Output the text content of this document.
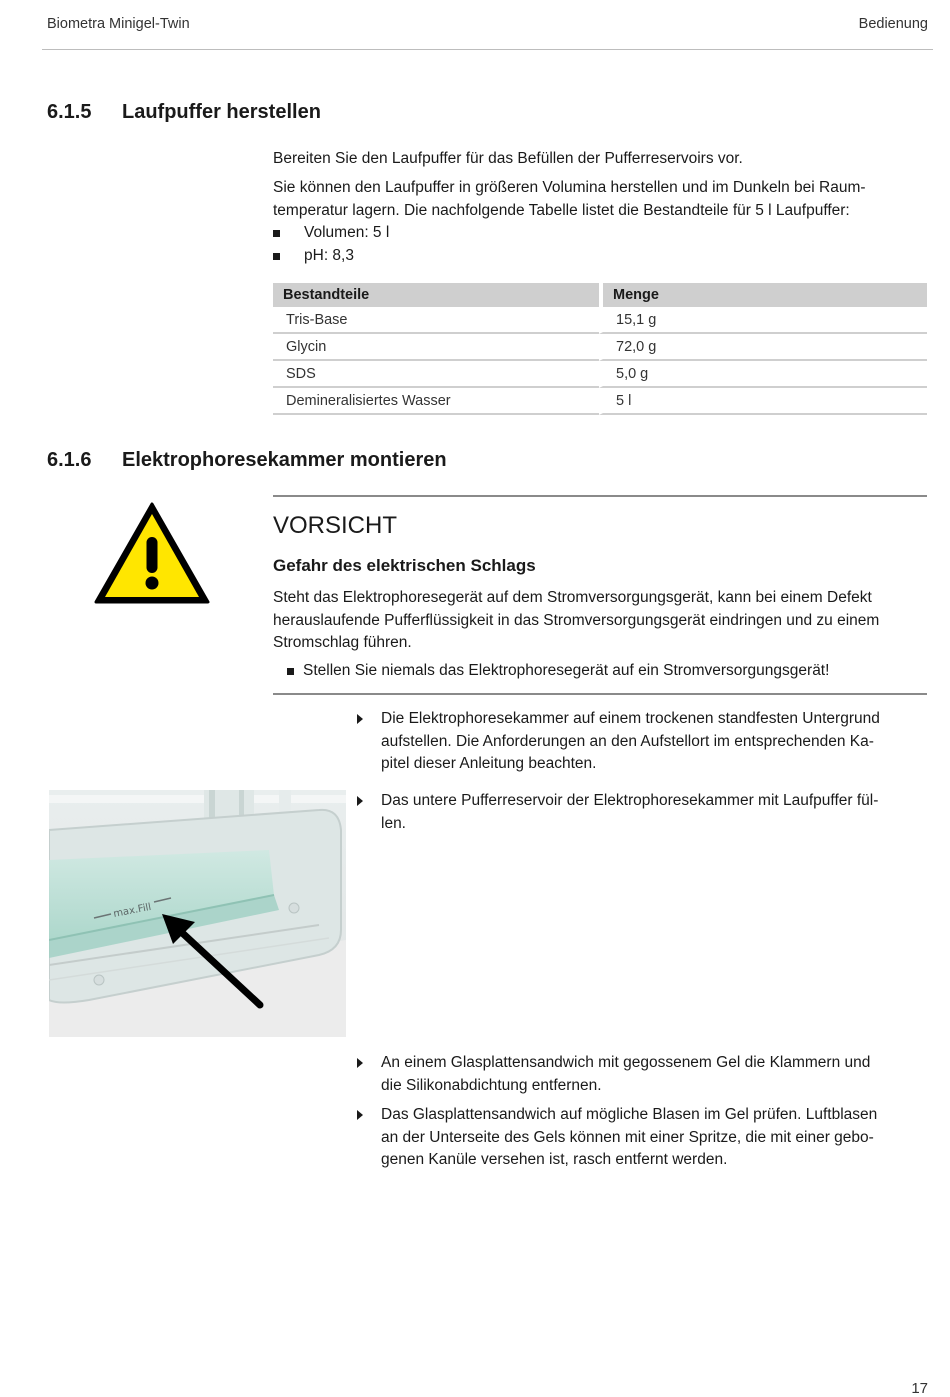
Biometra Minigel-Twin	Bedienung
6.1.5 Laufpuffer herstellen

Bereiten Sie den Laufpuffer für das Befüllen der Pufferreservoirs vor.

Sie können den Laufpuffer in größeren Volumina herstellen und im Dunkeln bei Raum-

temperatur lagern. Die nachfolgende Tabelle listet die Bestandteile für 5 l Laufpuffer:

Volumen: 5 l
pH: 8,3
Bestandteile	Menge
Tris-Base	15,1 g
Glycin	72,0 g
SDS	5,0 g
Demineralisiertes Wasser	5 l
6.1.6 Elektrophoresekammer montieren
VORSICHT
Gefahr des elektrischen Schlags
Steht das Elektrophoresegerät auf dem Stromversorgungsgerät, kann bei einem Defekt
herauslaufende Pufferflüssigkeit in das Stromversorgungsgerät eindringen und zu einem
Stromschlag führen.
Stellen Sie niemals das Elektrophoresegerät auf ein Stromversorgungsgerät!
Die Elektrophoresekammer auf einem trockenen standfesten Untergrund
aufstellen. Die Anforderungen an den Aufstellort im entsprechenden Ka-
pitel dieser Anleitung beachten.
Das untere Pufferreservoir der Elektrophoresekammer mit Laufpuffer fül-
len.
max.Fill
An einem Glasplattensandwich mit gegossenem Gel die Klammern und
die Silikonabdichtung entfernen.
Das Glasplattensandwich auf mögliche Blasen im Gel prüfen. Luftblasen
an der Unterseite des Gels können mit einer Spritze, die mit einer gebo-
genen Kanüle versehen ist, rasch entfernt werden.
17
